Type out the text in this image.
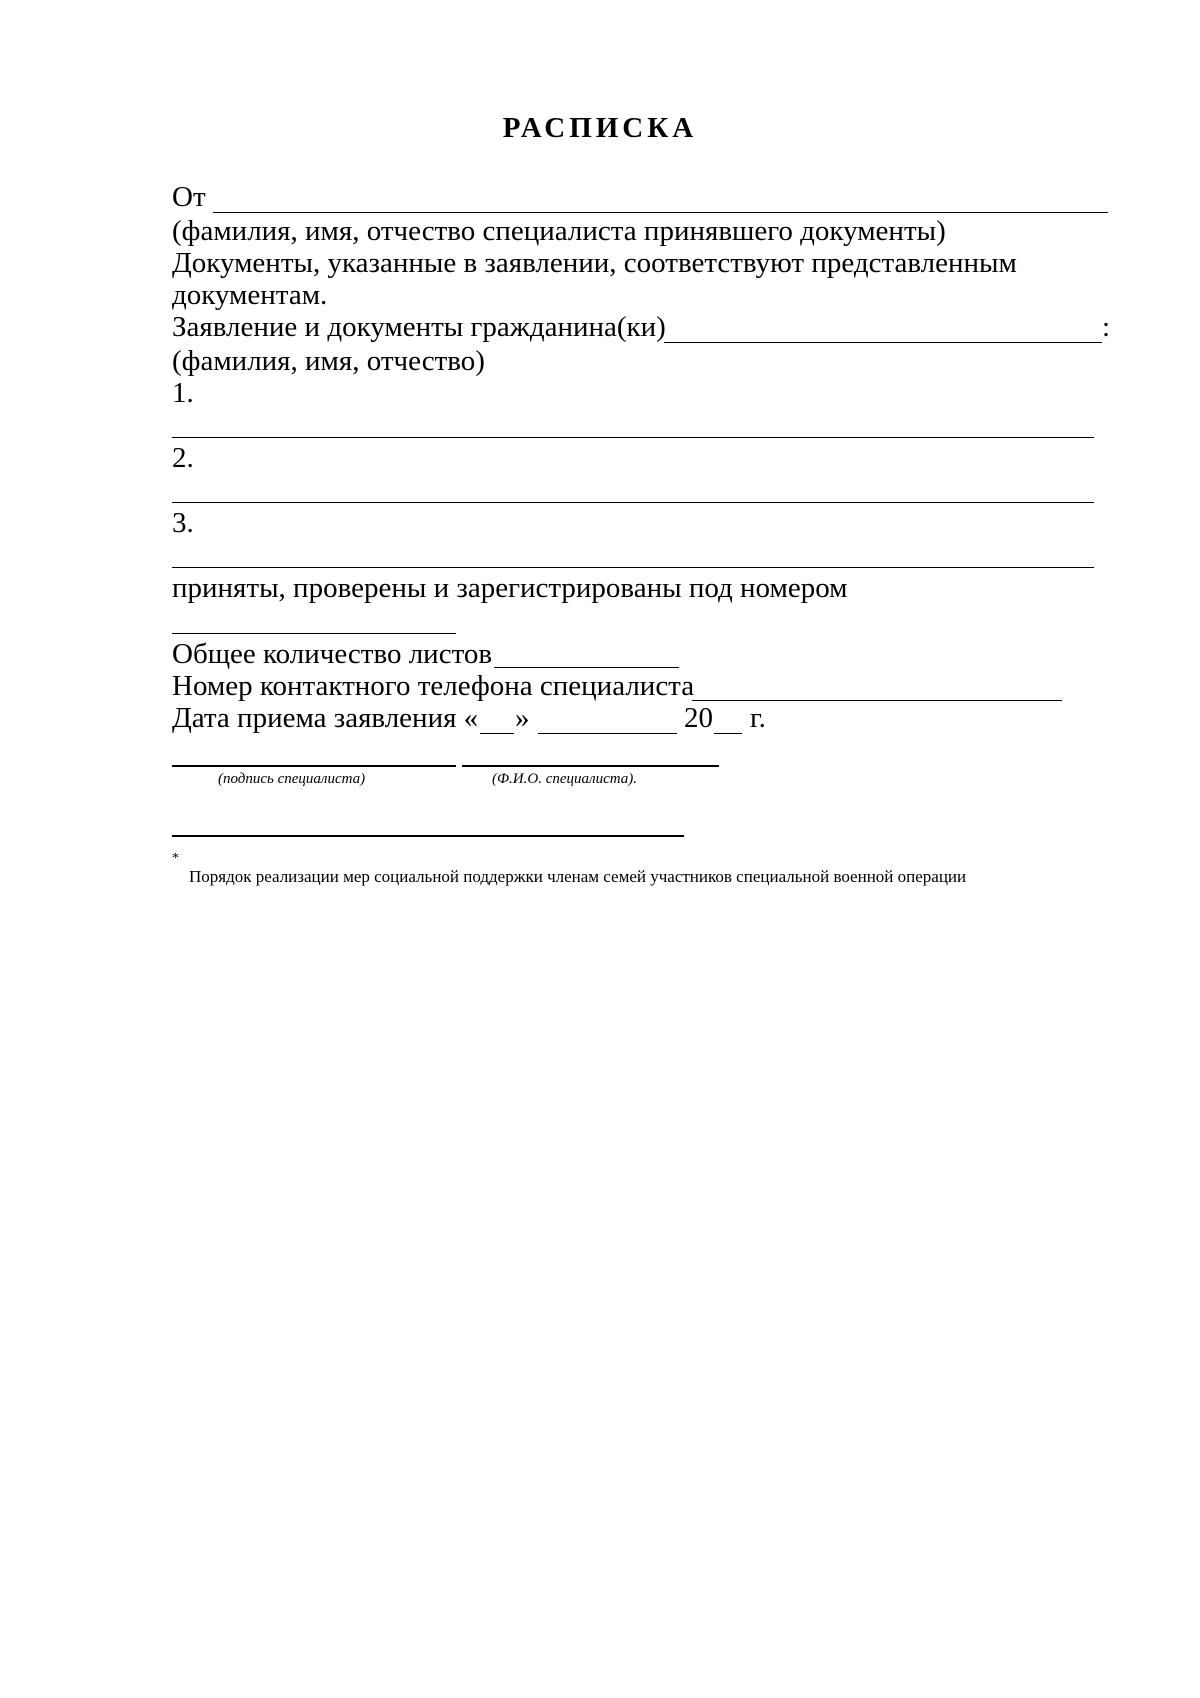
РАСПИСКА
От
(фамилия, имя, отчество специалиста принявшего документы)
Документы, указанные в заявлении, соответствуют представленным
документам.
Заявление и документы гражданина(ки)	:
(фамилия, имя, отчество)
1.
2.
3.
приняты, проверены и зарегистрированы под номером
Общее количество листов
Номер контактного телефона специалиста
Дата приема заявления « »	20 г.
(подпись специалиста)	(Ф.И.О. специалиста).
*
Порядок реализации мер социальной поддержки членам семей участников специальной военной операции
